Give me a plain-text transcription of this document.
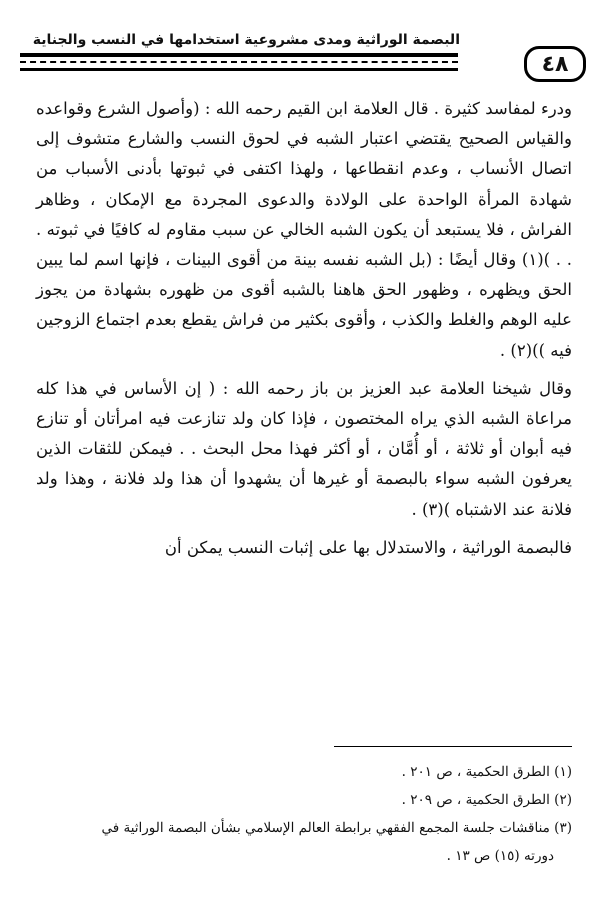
البصمة الوراثية ومدى مشروعية استخدامها في النسب والجناية
٤٨

ودرء لمفاسد كثيرة . قال العلامة ابن القيم رحمه الله : (وأصول الشرع وقواعده والقياس الصحيح يقتضي اعتبار الشبه في لحوق النسب والشارع متشوف إلى اتصال الأنساب ، وعدم انقطاعها ، ولهذا اكتفى في ثبوتها بأدنى الأسباب من شهادة المرأة الواحدة على الولادة والدعوى المجردة مع الإمكان ، وظاهر الفراش ، فلا يستبعد أن يكون الشبه الخالي عن سبب مقاوم له كافيًا في ثبوته . . . )(١) وقال أيضًا : (بل الشبه نفسه بينة من أقوى البينات ، فإنها اسم لما يبين الحق ويظهره ، وظهور الحق هاهنا بالشبه أقوى من ظهوره بشهادة من يجوز عليه الوهم والغلط والكذب ، وأقوى بكثير من فراش يقطع بعدم اجتماع الزوجين فيه ))(٢) .

وقال شيخنا العلامة عبد العزيز بن باز رحمه الله : ( إن الأساس في هذا كله مراعاة الشبه الذي يراه المختصون ، فإذا كان ولد تنازعت فيه امرأتان أو تنازع فيه أبوان أو ثلاثة ، أو أُمَّان ، أو أكثر فهذا محل البحث . . فيمكن للثقات الذين يعرفون الشبه سواء بالبصمة أو غيرها أن يشهدوا أن هذا ولد فلانة ، وهذا ولد فلانة عند الاشتباه )(٣) .

فالبصمة الوراثية ، والاستدلال بها على إثبات النسب يمكن أن

(١) الطرق الحكمية ، ص ٢٠١ .

(٢) الطرق الحكمية ، ص ٢٠٩ .

(٣) مناقشات جلسة المجمع الفقهي برابطة العالم الإسلامي بشأن البصمة الوراثية في

دورته (١٥) ص ١٣ .
